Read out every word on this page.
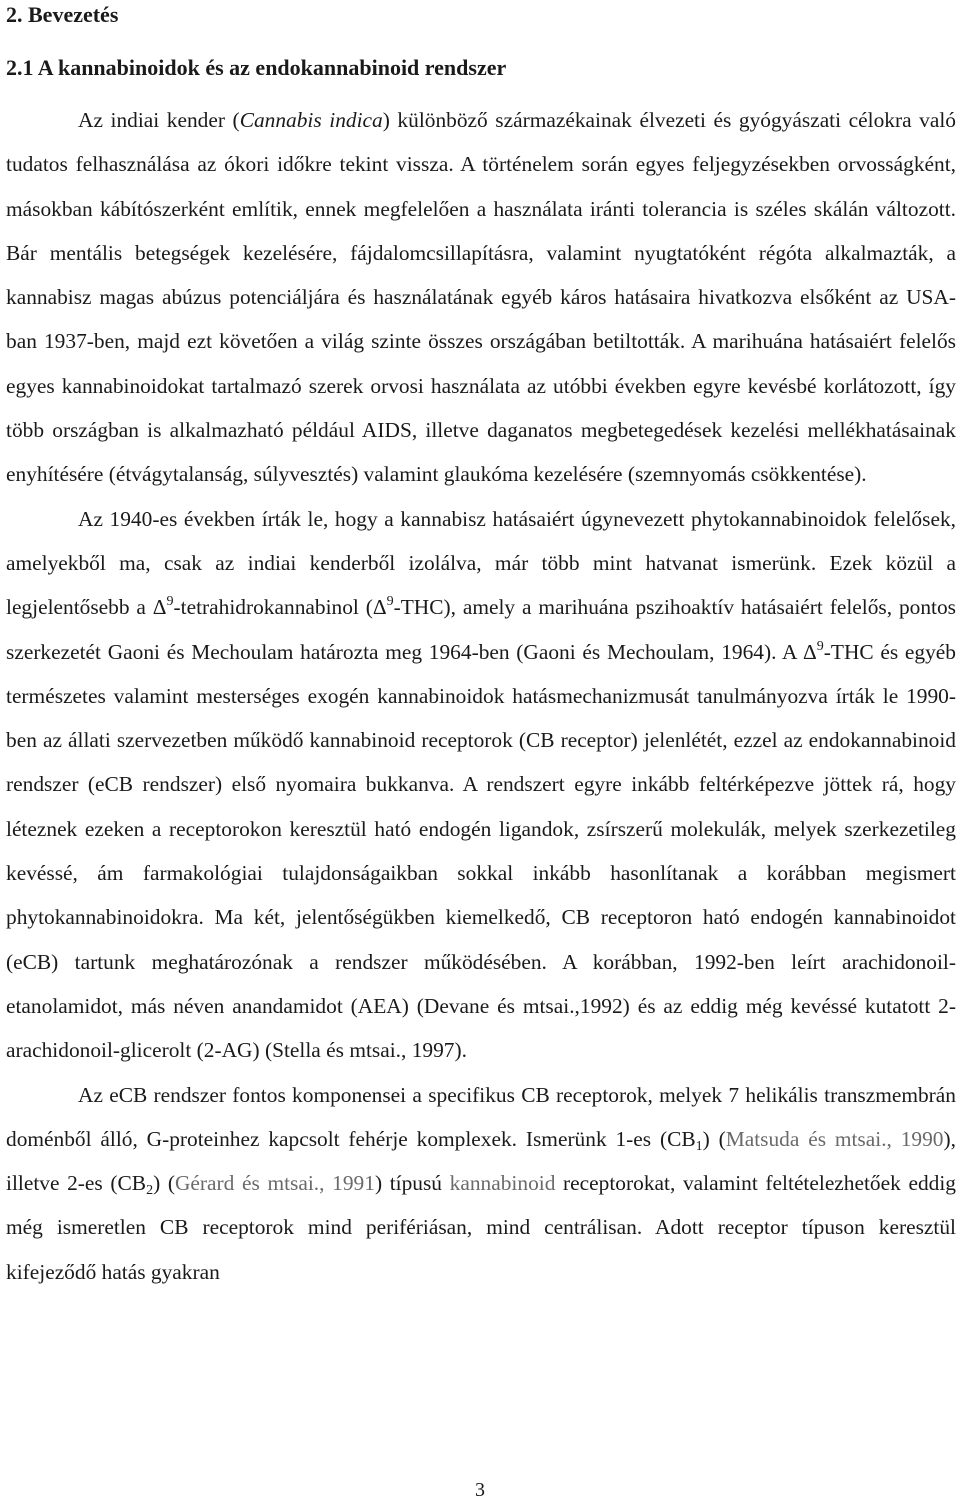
2. Bevezetés
2.1 A kannabinoidok és az endokannabinoid rendszer

Az indiai kender (Cannabis indica) különböző származékainak élvezeti és gyógyászati célokra való tudatos felhasználása az ókori időkre tekint vissza. A történelem során egyes feljegyzésekben orvosságként, másokban kábítószerként említik, ennek megfelelően a használata iránti tolerancia is széles skálán változott. Bár mentális betegségek kezelésére, fájdalomcsillapításra, valamint nyugtatóként régóta alkalmazták, a kannabisz magas abúzus potenciáljára és használatának egyéb káros hatásaira hivatkozva elsőként az USA-ban 1937-ben, majd ezt követően a világ szinte összes országában betiltották. A marihuána hatásaiért felelős egyes kannabinoidokat tartalmazó szerek orvosi használata az utóbbi években egyre kevésbé korlátozott, így több országban is alkalmazható például AIDS, illetve daganatos megbetegedések kezelési mellékhatásainak enyhítésére (étvágytalanság, súlyvesztés) valamint glaukóma kezelésére (szemnyomás csökkentése).

Az 1940-es években írták le, hogy a kannabisz hatásaiért úgynevezett phytokannabinoidok felelősek, amelyekből ma, csak az indiai kenderből izolálva, már több mint hatvanat ismerünk. Ezek közül a legjelentősebb a $\Delta^9$-tetrahidrokannabinol $(\Delta^9-THC)$, amely a marihuána pszihoaktív hatásaiért felelős, pontos szerkezetét Gaoni és Mechoulam határozta meg 1964-ben (Gaoni és Mechoulam, 1964). A $\Delta^9$-THC és egyéb természetes valamint mesterséges exogén kannabinoidok hatásmechanizmusát tanulmányozva írták le 1990-ben az állati szervezetben működő kannabinoid receptorok (CB receptor) jelenlétét, ezzel az endokannabinoid rendszer (eCB rendszer) első nyomaira bukkanva. A rendszert egyre inkább feltérképezve jöttek rá, hogy léteznek ezeken a receptorokon keresztül ható endogén ligandok, zsírszerű molekulák, melyek szerkezetileg kevéssé, ám farmakológiai tulajdonságaikban sokkal inkább hasonlítanak a korábban megismert phytokannabinoidokra. Ma két, jelentőségükben kiemelkedő, CB receptoron ható endogén kannabinoidot (eCB) tartunk meghatározónak a rendszer működésében. A korábban, 1992-ben leírt arachidonoil-etanolamidot, más néven anandamidot (AEA) (Devane és mtsai.,1992) és az eddig még kevéssé kutatott 2-arachidonoil-glicerolt (2-AG) (Stella és mtsai., 1997).

Az eCB rendszer fontos komponensei a specifikus CB receptorok, melyek 7 helikális transzmembrán doménből álló, G-proteinhez kapcsolt fehérje komplexek. Ismerünk 1-es $(CB_1)$ (Matsuda és mtsai., 1990), illetve 2-es $(CB_2)$ (Gérard és mtsai., 1991) típusú kannabinoid receptorokat, valamint feltételezhetőek eddig még ismeretlen CB receptorok mind perifériásan, mind centrálisan. Adott receptor típuson keresztül kifejeződő hatás gyakran

3
